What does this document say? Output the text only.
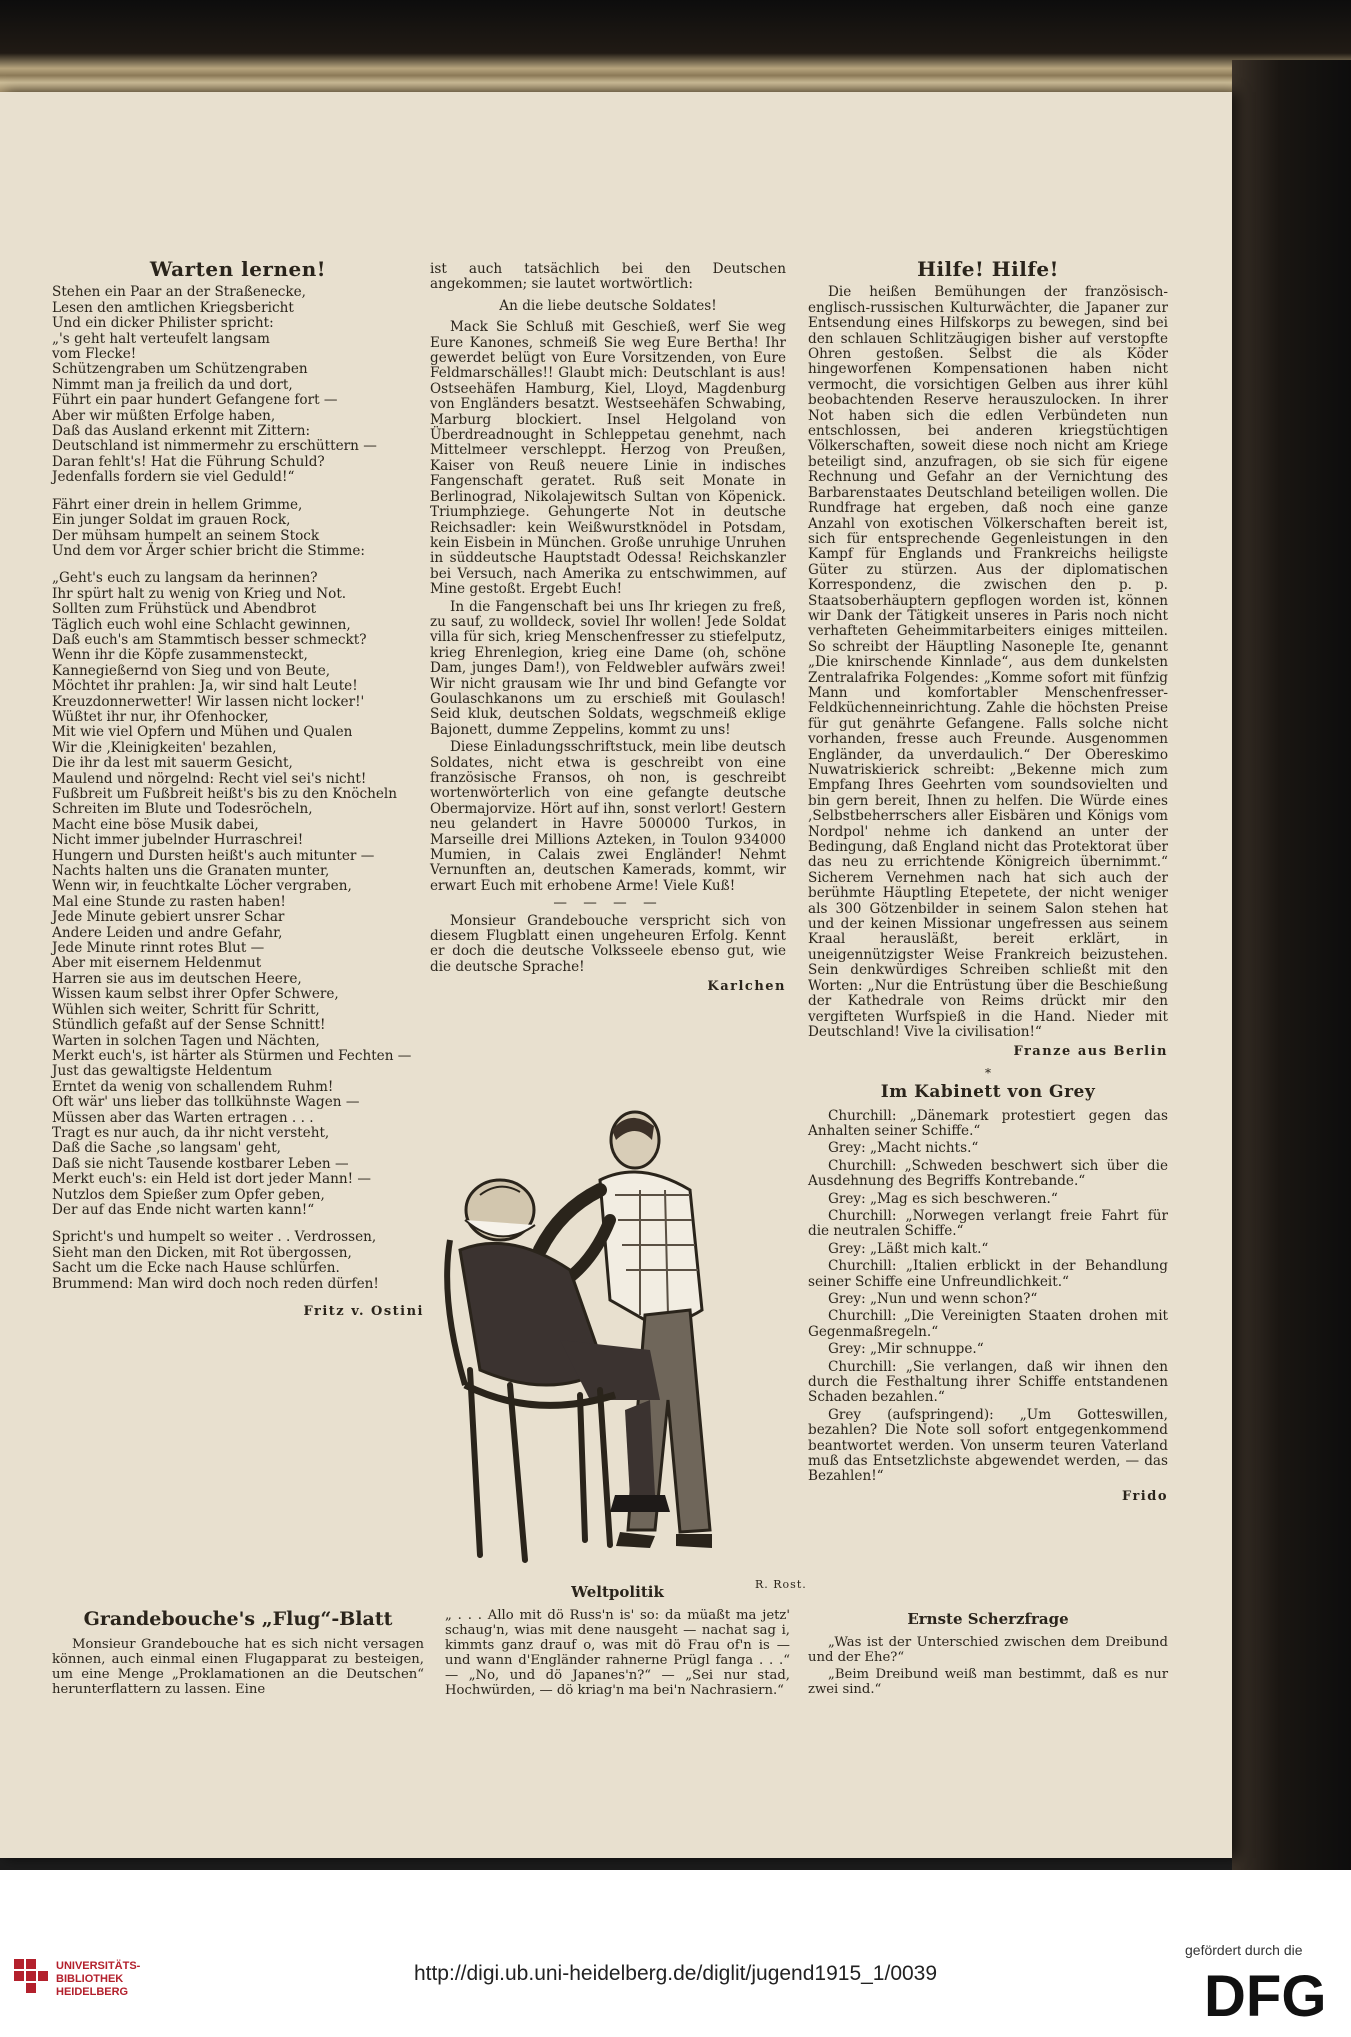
Warten lernen!

Stehen ein Paar an der Straßenecke,
Lesen den amtlichen Kriegsbericht
Und ein dicker Philister spricht:
„'s geht halt verteufelt langsam
vom Flecke!
Schützengraben um Schützengraben
Nimmt man ja freilich da und dort,
Führt ein paar hundert Gefangene fort —
Aber wir müßten Erfolge haben,
Daß das Ausland erkennt mit Zittern:
Deutschland ist nimmermehr zu erschüttern —
Daran fehlt's! Hat die Führung Schuld?
Jedenfalls fordern sie viel Geduld!“

Fährt einer drein in hellem Grimme,
Ein junger Soldat im grauen Rock,
Der mühsam humpelt an seinem Stock
Und dem vor Ärger schier bricht die Stimme:

„Geht's euch zu langsam da herinnen?
Ihr spürt halt zu wenig von Krieg und Not.
Sollten zum Frühstück und Abendbrot
Täglich euch wohl eine Schlacht gewinnen,
Daß euch's am Stammtisch besser schmeckt?
Wenn ihr die Köpfe zusammensteckt,
Kannegießernd von Sieg und von Beute,
Möchtet ihr prahlen: Ja, wir sind halt Leute!
Kreuzdonnerwetter! Wir lassen nicht locker!'
Wüßtet ihr nur, ihr Ofenhocker,
Mit wie viel Opfern und Mühen und Qualen
Wir die ‚Kleinigkeiten' bezahlen,
Die ihr da lest mit sauerm Gesicht,
Maulend und nörgelnd: Recht viel sei's nicht!
Fußbreit um Fußbreit heißt's bis zu den Knöcheln
Schreiten im Blute und Todesröcheln,
Macht eine böse Musik dabei,
Nicht immer jubelnder Hurraschrei!
Hungern und Dursten heißt's auch mitunter —
Nachts halten uns die Granaten munter,
Wenn wir, in feuchtkalte Löcher vergraben,
Mal eine Stunde zu rasten haben!
Jede Minute gebiert unsrer Schar
Andere Leiden und andre Gefahr,
Jede Minute rinnt rotes Blut —
Aber mit eisernem Heldenmut
Harren sie aus im deutschen Heere,
Wissen kaum selbst ihrer Opfer Schwere,
Wühlen sich weiter, Schritt für Schritt,
Stündlich gefaßt auf der Sense Schnitt!
Warten in solchen Tagen und Nächten,
Merkt euch's, ist härter als Stürmen und Fechten —
Just das gewaltigste Heldentum
Erntet da wenig von schallendem Ruhm!
Oft wär' uns lieber das tollkühnste Wagen —
Müssen aber das Warten ertragen . . .
Tragt es nur auch, da ihr nicht versteht,
Daß die Sache ‚so langsam' geht,
Daß sie nicht Tausende kostbarer Leben —
Merkt euch's: ein Held ist dort jeder Mann! —
Nutzlos dem Spießer zum Opfer geben,
Der auf das Ende nicht warten kann!“

Spricht's und humpelt so weiter . . Verdrossen,
Sieht man den Dicken, mit Rot übergossen,
Sacht um die Ecke nach Hause schlürfen.
Brummend: Man wird doch noch reden dürfen!

Fritz v. Ostini
ist auch tatsächlich bei den Deutschen angekommen; sie lautet wortwörtlich:
An die liebe deutsche Soldates!
Mack Sie Schluß mit Geschieß, werf Sie weg Eure Kanones, schmeiß Sie weg Eure Bertha! Ihr gewerdet belügt von Eure Vorsitzenden, von Eure Feldmarschälles!! Glaubt mich: Deutschlant is aus! Ostseehäfen Hamburg, Kiel, Lloyd, Magdenburg von Engländers besatzt. Westseehäfen Schwabing, Marburg blockiert. Insel Helgoland von Überdreadnought in Schleppetau genehmt, nach Mittelmeer verschleppt. Herzog von Preußen, Kaiser von Reuß neuere Linie in indisches Fangenschaft geratet. Ruß seit Monate in Berlinograd, Nikolajewitsch Sultan von Köpenick. Triumphziege. Gehungerte Not in deutsche Reichsadler: kein Weißwurstknödel in Potsdam, kein Eisbein in München. Große unruhige Unruhen in süddeutsche Hauptstadt Odessa! Reichskanzler bei Versuch, nach Amerika zu entschwimmen, auf Mine gestoßt. Ergebt Euch!
In die Fangenschaft bei uns Ihr kriegen zu freß, zu sauf, zu wolldeck, soviel Ihr wollen! Jede Soldat villa für sich, krieg Menschenfresser zu stiefelputz, krieg Ehrenlegion, krieg eine Dame (oh, schöne Dam, junges Dam!), von Feldwebler aufwärs zwei! Wir nicht grausam wie Ihr und bind Gefangte vor Goulaschkanons um zu erschieß mit Goulasch! Seid kluk, deutschen Soldats, wegschmeiß eklige Bajonett, dumme Zeppelins, kommt zu uns!
Diese Einladungsschriftstuck, mein libe deutsch Soldates, nicht etwa is geschreibt von eine französische Fransos, oh non, is geschreibt wortenwörterlich von eine gefangte deutsche Obermajorvize. Hört auf ihn, sonst verlort! Gestern neu gelandert in Havre 500000 Turkos, in Marseille drei Millions Azteken, in Toulon 934000 Mumien, in Calais zwei Engländer! Nehmt Vernunften an, deutschen Kamerads, kommt, wir erwart Euch mit erhobene Arme! Viele Kuß!
— — — —
Monsieur Grandebouche verspricht sich von diesem Flugblatt einen ungeheuren Erfolg. Kennt er doch die deutsche Volksseele ebenso gut, wie die deutsche Sprache!
Karlchen
R. Rost.
Hilfe! Hilfe!
Die heißen Bemühungen der französisch-englisch-russischen Kulturwächter, die Japaner zur Entsendung eines Hilfskorps zu bewegen, sind bei den schlauen Schlitzäugigen bisher auf verstopfte Ohren gestoßen. Selbst die als Köder hingeworfenen Kompensationen haben nicht vermocht, die vorsichtigen Gelben aus ihrer kühl beobachtenden Reserve herauszulocken. In ihrer Not haben sich die edlen Verbündeten nun entschlossen, bei anderen kriegstüchtigen Völkerschaften, soweit diese noch nicht am Kriege beteiligt sind, anzufragen, ob sie sich für eigene Rechnung und Gefahr an der Vernichtung des Barbarenstaates Deutschland beteiligen wollen. Die Rundfrage hat ergeben, daß noch eine ganze Anzahl von exotischen Völkerschaften bereit ist, sich für entsprechende Gegenleistungen in den Kampf für Englands und Frankreichs heiligste Güter zu stürzen. Aus der diplomatischen Korrespondenz, die zwischen den p. p. Staatsoberhäuptern gepflogen worden ist, können wir Dank der Tätigkeit unseres in Paris noch nicht verhafteten Geheimmitarbeiters einiges mitteilen. So schreibt der Häuptling Nasoneple Ite, genannt „Die knirschende Kinnlade“, aus dem dunkelsten Zentralafrika Folgendes: „Komme sofort mit fünfzig Mann und komfortabler Menschenfresser-Feldküchenneinrichtung. Zahle die höchsten Preise für gut genährte Gefangene. Falls solche nicht vorhanden, fresse auch Freunde. Ausgenommen Engländer, da unverdaulich.“ Der Obereskimo Nuwatriskierick schreibt: „Bekenne mich zum Empfang Ihres Geehrten vom soundsovielten und bin gern bereit, Ihnen zu helfen. Die Würde eines ‚Selbstbeherrschers aller Eisbären und Königs vom Nordpol' nehme ich dankend an unter der Bedingung, daß England nicht das Protektorat über das neu zu errichtende Königreich übernimmt.“ Sicherem Vernehmen nach hat sich auch der berühmte Häuptling Etepetete, der nicht weniger als 300 Götzenbilder in seinem Salon stehen hat und der keinen Missionar ungefressen aus seinem Kraal herausläßt, bereit erklärt, in uneigennützigster Weise Frankreich beizustehen. Sein denkwürdiges Schreiben schließt mit den Worten: „Nur die Entrüstung über die Beschießung der Kathedrale von Reims drückt mir den vergifteten Wurfspieß in die Hand. Nieder mit Deutschland! Vive la civilisation!“
Franze aus Berlin
*
Im Kabinett von Grey
Churchill: „Dänemark protestiert gegen das Anhalten seiner Schiffe.“
Grey: „Macht nichts.“
Churchill: „Schweden beschwert sich über die Ausdehnung des Begriffs Kontrebande.“
Grey: „Mag es sich beschweren.“
Churchill: „Norwegen verlangt freie Fahrt für die neutralen Schiffe.“
Grey: „Läßt mich kalt.“
Churchill: „Italien erblickt in der Behandlung seiner Schiffe eine Unfreundlichkeit.“
Grey: „Nun und wenn schon?“
Churchill: „Die Vereinigten Staaten drohen mit Gegenmaßregeln.“
Grey: „Mir schnuppe.“
Churchill: „Sie verlangen, daß wir ihnen den durch die Festhaltung ihrer Schiffe entstandenen Schaden bezahlen.“
Grey (aufspringend): „Um Gotteswillen, bezahlen? Die Note soll sofort entgegenkommend beantwortet werden. Von unserm teuren Vaterland muß das Entsetzlichste abgewendet werden, — das Bezahlen!“
Frido
Grandebouche's „Flug“-Blatt
Monsieur Grandebouche hat es sich nicht versagen können, auch einmal einen Flugapparat zu besteigen, um eine Menge „Proklamationen an die Deutschen“ herunterflattern zu lassen. Eine
Weltpolitik
„ . . . Allo mit dö Russ'n is' so: da müaßt ma jetz' schaug'n, wias mit dene nausgeht — nachat sag i, kimmts ganz drauf o, was mit dö Frau of'n is — und wann d'Engländer rahnerne Prügl fanga . . .“ — „No, und dö Japanes'n?“ — „Sei nur stad, Hochwürden, — dö kriag'n ma bei'n Nachrasiern.“
Ernste Scherzfrage
„Was ist der Unterschied zwischen dem Dreibund und der Ehe?“
„Beim Dreibund weiß man bestimmt, daß es nur zwei sind.“
UNIVERSITÄTS-
BIBLIOTHEK
HEIDELBERG
http://digi.ub.uni-heidelberg.de/diglit/jugend1915_1/0039
gefördert durch die
DFG
